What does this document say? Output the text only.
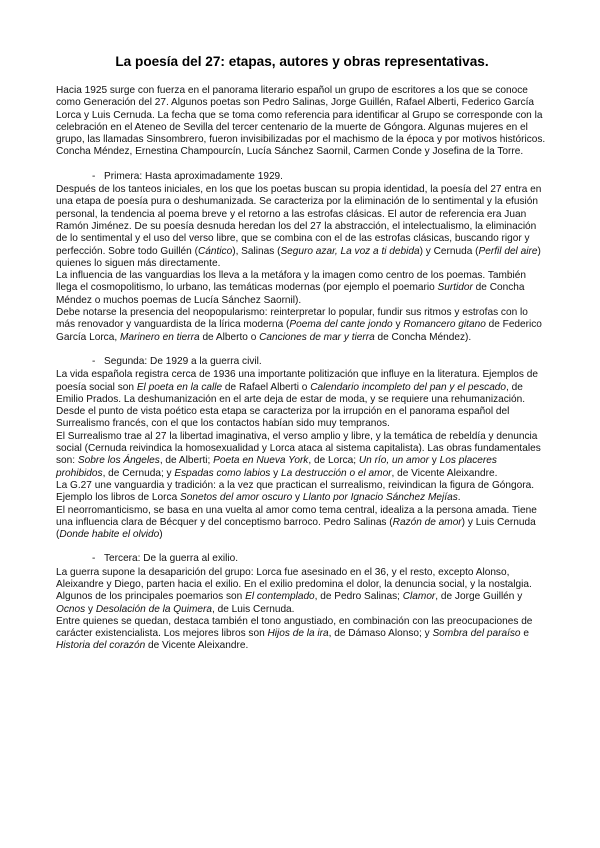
La poesía del 27: etapas, autores y obras representativas.

Hacia 1925 surge con fuerza en el panorama literario español un grupo de escritores a los que se conoce como Generación del 27. Algunos poetas son Pedro Salinas, Jorge Guillén, Rafael Alberti, Federico García Lorca y Luis Cernuda. La fecha que se toma como referencia para identificar al Grupo se corresponde con la celebración en el Ateneo de Sevilla del tercer centenario de la muerte de Góngora. Algunas mujeres en el grupo, las llamadas Sinsombrero, fueron invisibilizadas por el machismo de la época y por motivos históricos. Concha Méndez, Ernestina Champourcín, Lucía Sánchez Saornil, Carmen Conde y Josefina de la Torre.

- Primera: Hasta aproximadamente 1929.

Después de los tanteos iniciales, en los que los poetas buscan su propia identidad, la poesía del 27 entra en una etapa de poesía pura o deshumanizada. Se caracteriza por la eliminación de lo sentimental y la efusión personal, la tendencia al poema breve y el retorno a las estrofas clásicas. El autor de referencia era Juan Ramón Jiménez. De su poesía desnuda heredan los del 27 la abstracción, el intelectualismo, la eliminación de lo sentimental y el uso del verso libre, que se combina con el de las estrofas clásicas, buscando rigor y perfección. Sobre todo Guillén (Cántico), Salinas (Seguro azar, La voz a ti debida) y Cernuda (Perfil del aire) quienes lo siguen más directamente.

La influencia de las vanguardias los lleva a la metáfora y la imagen como centro de los poemas. También llega el cosmopolitismo, lo urbano, las temáticas modernas (por ejemplo el poemario Surtidor de Concha Méndez o muchos poemas de Lucía Sánchez Saornil).

Debe notarse la presencia del neopopularismo: reinterpretar lo popular, fundir sus ritmos y estrofas con lo más renovador y vanguardista de la lírica moderna (Poema del cante jondo y Romancero gitano de Federico García Lorca, Marinero en tierra de Alberto o Canciones de mar y tierra de Concha Méndez).

- Segunda: De 1929 a la guerra civil.

La vida española registra cerca de 1936 una importante politización que influye en la literatura. Ejemplos de poesía social son El poeta en la calle de Rafael Alberti o Calendario incompleto del pan y el pescado, de Emilio Prados. La deshumanización en el arte deja de estar de moda, y se requiere una rehumanización. Desde el punto de vista poético esta etapa se caracteriza por la irrupción en el panorama español del Surrealismo francés, con el que los contactos habían sido muy tempranos.

El Surrealismo trae al 27 la libertad imaginativa, el verso amplio y libre, y la temática de rebeldía y denuncia social (Cernuda reivindica la homosexualidad y Lorca ataca al sistema capitalista). Las obras fundamentales son: Sobre los Ángeles, de Alberti; Poeta en Nueva York, de Lorca; Un río, un amor y Los placeres prohibidos, de Cernuda; y Espadas como labios y La destrucción o el amor, de Vicente Aleixandre.

La G.27 une vanguardia y tradición: a la vez que practican el surrealismo, reivindican la figura de Góngora. Ejemplo los libros de Lorca Sonetos del amor oscuro y Llanto por Ignacio Sánchez Mejías.

El neorromanticismo, se basa en una vuelta al amor como tema central, idealiza a la persona amada. Tiene una influencia clara de Bécquer y del conceptismo barroco. Pedro Salinas (Razón de amor) y Luis Cernuda (Donde habite el olvido)

- Tercera: De la guerra al exilio.

La guerra supone la desaparición del grupo: Lorca fue asesinado en el 36, y el resto, excepto Alonso, Aleixandre y Diego, parten hacia el exilio. En el exilio predomina el dolor, la denuncia social, y la nostalgia. Algunos de los principales poemarios son El contemplado, de Pedro Salinas; Clamor, de Jorge Guillén y Ocnos y Desolación de la Quimera, de Luis Cernuda.

Entre quienes se quedan, destaca también el tono angustiado, en combinación con las preocupaciones de carácter existencialista. Los mejores libros son Hijos de la ira, de Dámaso Alonso; y Sombra del paraíso e Historia del corazón de Vicente Aleixandre.
